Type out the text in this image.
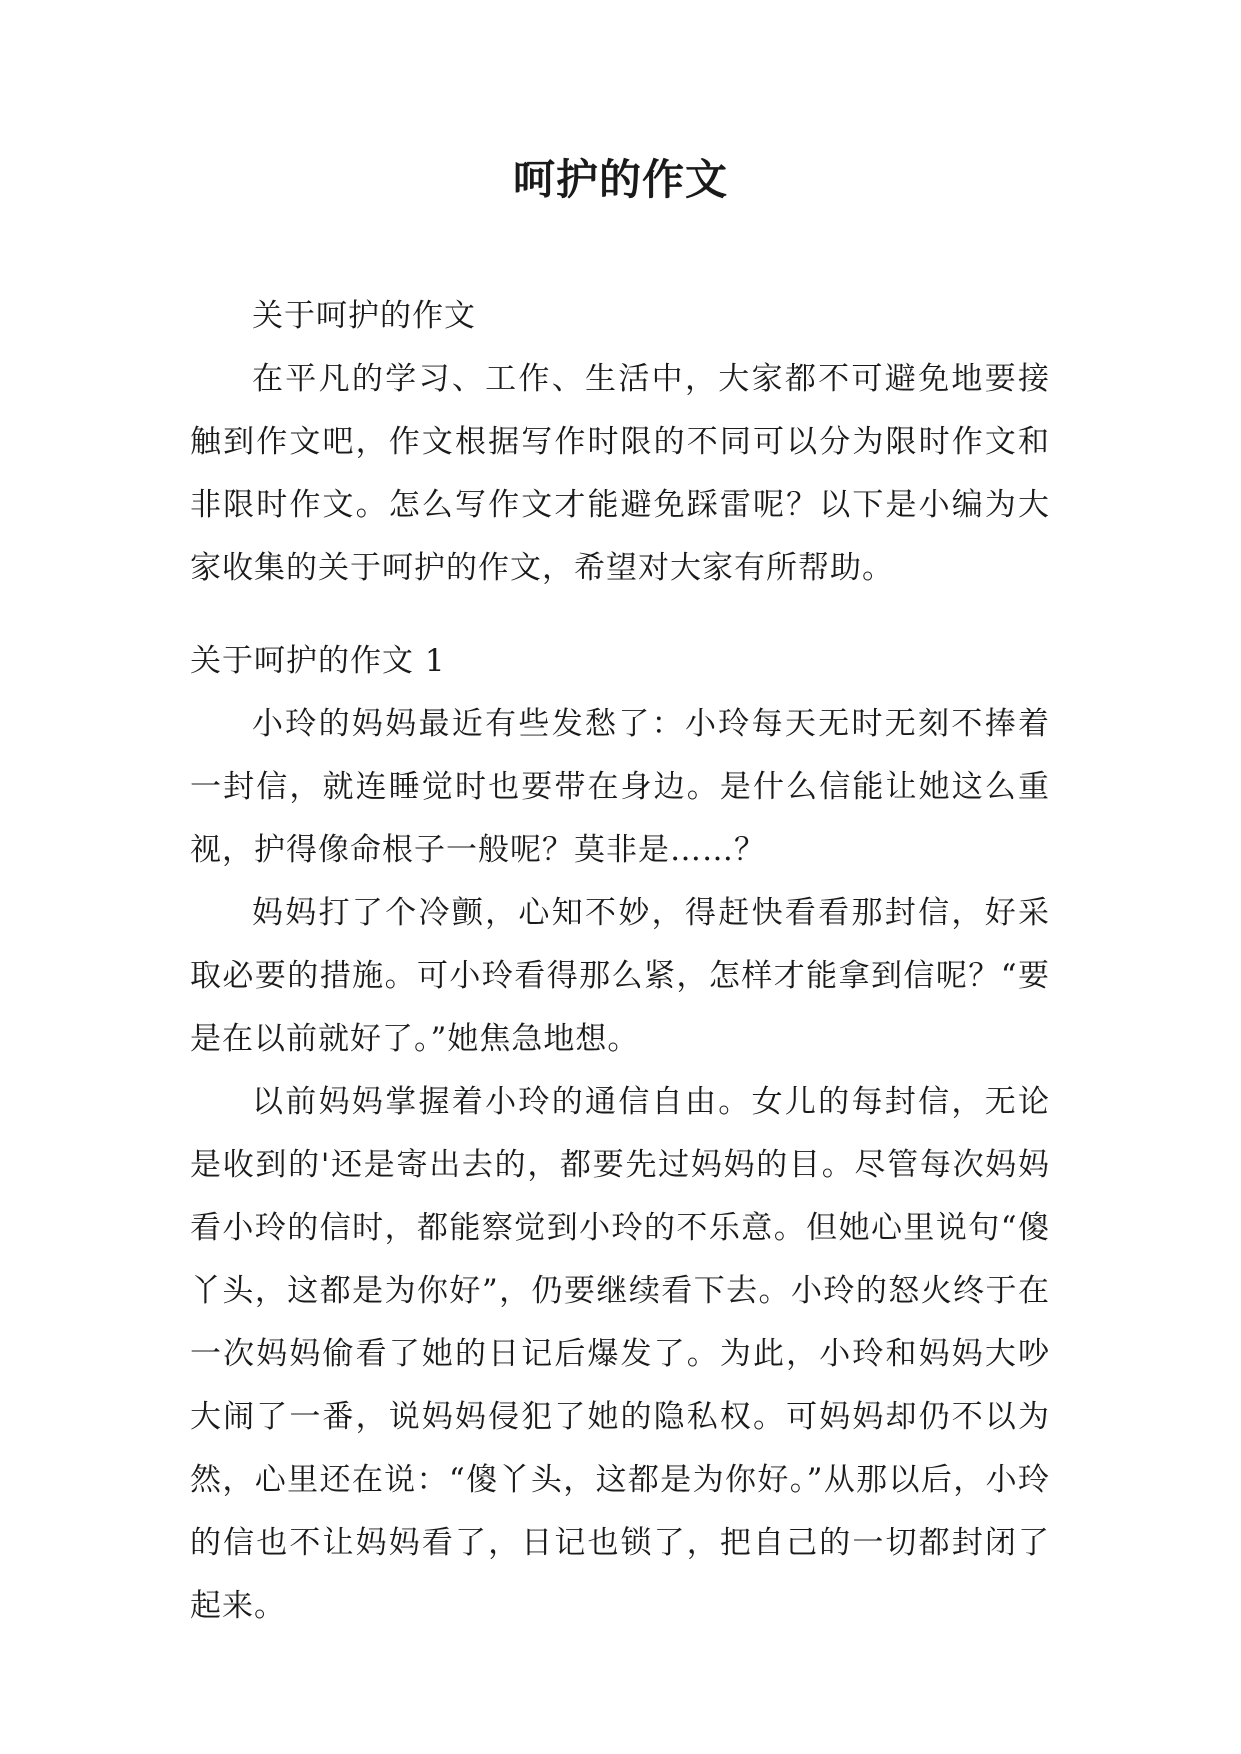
呵护的作文

关于呵护的作文

在平凡的学习、工作、生活中，大家都不可避免地要接触到作文吧，作文根据写作时限的不同可以分为限时作文和非限时作文。怎么写作文才能避免踩雷呢？以下是小编为大家收集的关于呵护的作文，希望对大家有所帮助。

关于呵护的作文 1

小玲的妈妈最近有些发愁了：小玲每天无时无刻不捧着一封信，就连睡觉时也要带在身边。是什么信能让她这么重视，护得像命根子一般呢？莫非是……？

妈妈打了个冷颤，心知不妙，得赶快看看那封信，好采取必要的措施。可小玲看得那么紧，怎样才能拿到信呢？“要是在以前就好了。”她焦急地想。

以前妈妈掌握着小玲的通信自由。女儿的每封信，无论是收到的'还是寄出去的，都要先过妈妈的目。尽管每次妈妈看小玲的信时，都能察觉到小玲的不乐意。但她心里说句“傻丫头，这都是为你好”，仍要继续看下去。小玲的怒火终于在一次妈妈偷看了她的日记后爆发了。为此，小玲和妈妈大吵大闹了一番，说妈妈侵犯了她的隐私权。可妈妈却仍不以为然，心里还在说：“傻丫头，这都是为你好。”从那以后，小玲的信也不让妈妈看了，日记也锁了，把自己的一切都封闭了起来。
